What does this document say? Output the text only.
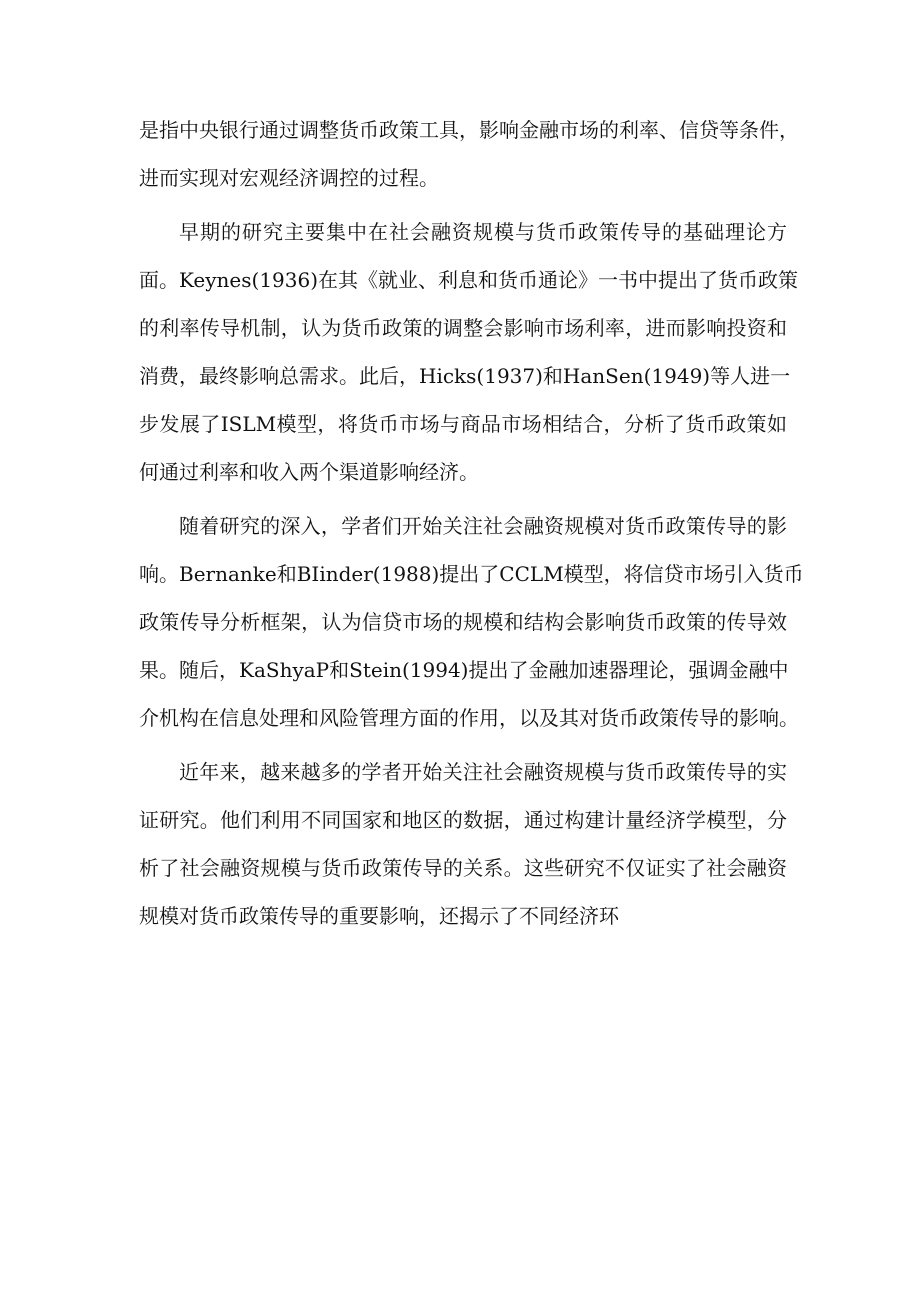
是指中央银行通过调整货币政策工具，影响金融市场的利率、信贷等条件，
进而实现对宏观经济调控的过程。
早期的研究主要集中在社会融资规模与货币政策传导的基础理论方
面。Keynes(1936)在其《就业、利息和货币通论》一书中提出了货币政策
的利率传导机制，认为货币政策的调整会影响市场利率，进而影响投资和
消费，最终影响总需求。此后，Hicks(1937)和HanSen(1949)等人进一
步发展了ISLM模型，将货币市场与商品市场相结合，分析了货币政策如
何通过利率和收入两个渠道影响经济。
随着研究的深入，学者们开始关注社会融资规模对货币政策传导的影
响。Bernanke和BIinder(1988)提出了CCLM模型，将信贷市场引入货币
政策传导分析框架，认为信贷市场的规模和结构会影响货币政策的传导效
果。随后，KaShyaP和Stein(1994)提出了金融加速器理论，强调金融中
介机构在信息处理和风险管理方面的作用，以及其对货币政策传导的影响。
近年来，越来越多的学者开始关注社会融资规模与货币政策传导的实
证研究。他们利用不同国家和地区的数据，通过构建计量经济学模型，分
析了社会融资规模与货币政策传导的关系。这些研究不仅证实了社会融资
规模对货币政策传导的重要影响，还揭示了不同经济环
